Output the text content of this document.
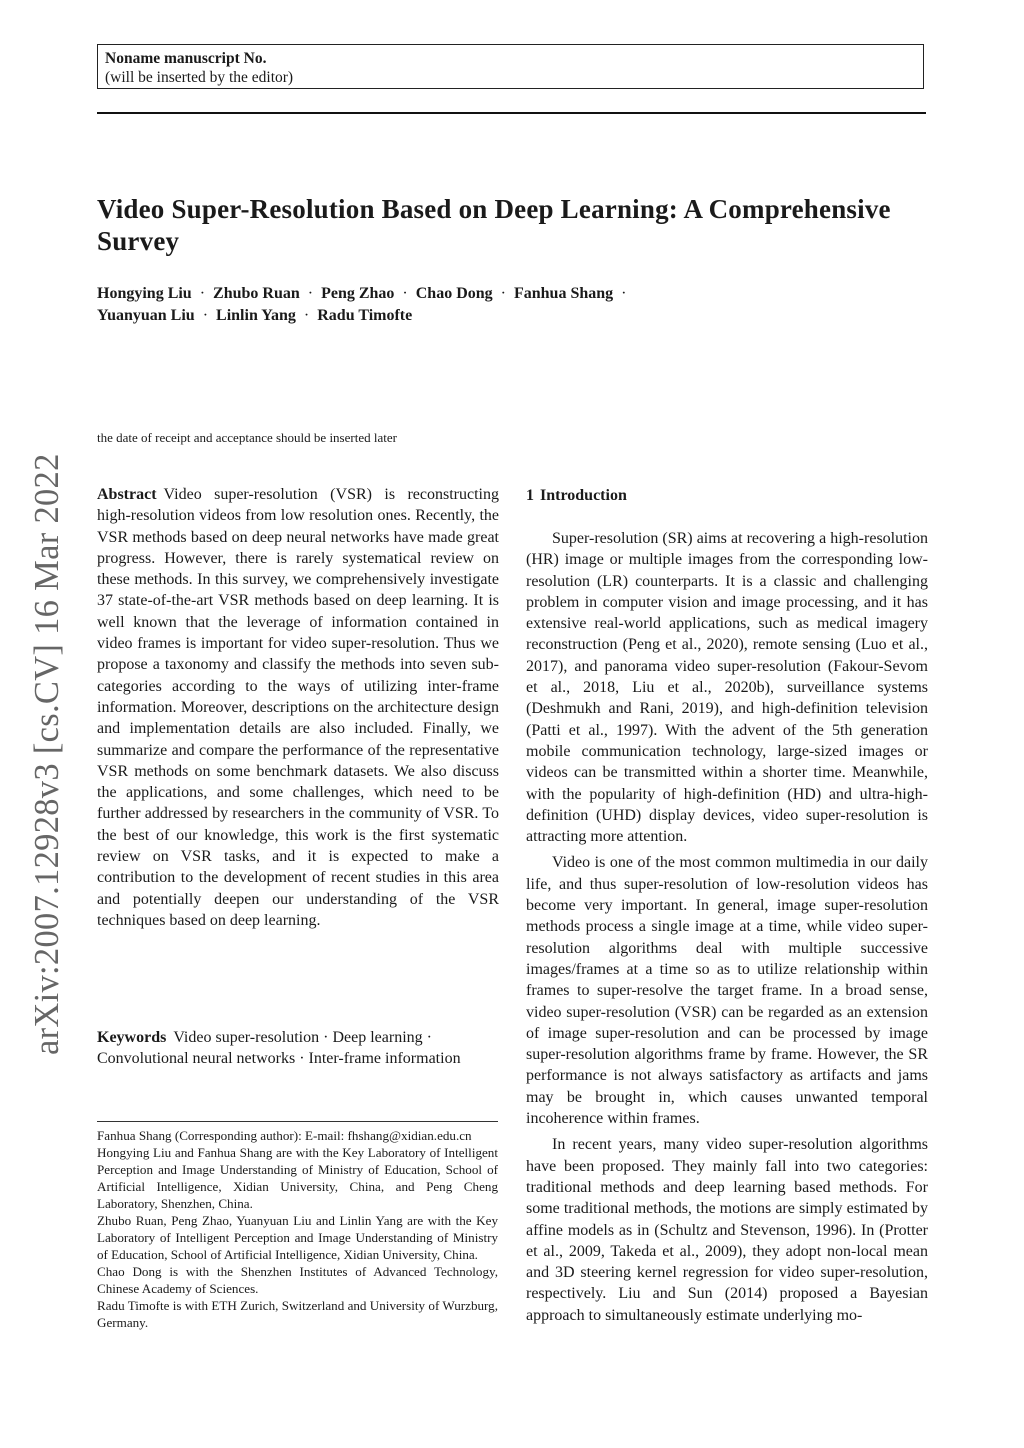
Noname manuscript No.
(will be inserted by the editor)
Video Super-Resolution Based on Deep Learning: A Comprehensive Survey
Hongying Liu · Zhubo Ruan · Peng Zhao · Chao Dong · Fanhua Shang ·
Yuanyuan Liu · Linlin Yang · Radu Timofte
the date of receipt and acceptance should be inserted later
arXiv:2007.12928v3 [cs.CV] 16 Mar 2022	Abstract Video super-resolution (VSR) is reconstructing high-resolution videos from low resolution ones. Recently, the VSR methods based on deep neural networks have made great progress. However, there is rarely systematical review on these methods. In this survey, we comprehensively investigate 37 state-of-the-art VSR methods based on deep learning. It is well known that the leverage of information contained in video frames is important for video super-resolution. Thus we propose a taxonomy and classify the methods into seven sub-categories according to the ways of utilizing inter-frame information. Moreover, descriptions on the architecture design and implementation details are also included. Finally, we summarize and compare the performance of the representative VSR methods on some benchmark datasets. We also discuss the applications, and some challenges, which need to be further addressed by researchers in the community of VSR. To the best of our knowledge, this work is the first systematic review on VSR tasks, and it is expected to make a contribution to the development of recent studies in this area and potentially deepen our understanding of the VSR techniques based on deep learning.
Keywords Video super-resolution · Deep learning · Convolutional neural networks · Inter-frame information

Fanhua Shang (Corresponding author): E-mail: fhshang@xidian.edu.cn

Hongying Liu and Fanhua Shang are with the Key Laboratory of Intelligent Perception and Image Understanding of Ministry of Education, School of Artificial Intelligence, Xidian University, China, and Peng Cheng Laboratory, Shenzhen, China.

Zhubo Ruan, Peng Zhao, Yuanyuan Liu and Linlin Yang are with the Key Laboratory of Intelligent Perception and Image Understanding of Ministry of Education, School of Artificial Intelligence, Xidian University, China.

Chao Dong is with the Shenzhen Institutes of Advanced Technology, Chinese Academy of Sciences.

Radu Timofte is with ETH Zurich, Switzerland and University of Wurzburg, Germany.

1 Introduction

Super-resolution (SR) aims at recovering a high-resolution (HR) image or multiple images from the corresponding low-resolution (LR) counterparts. It is a classic and challenging problem in computer vision and image processing, and it has extensive real-world applications, such as medical imagery reconstruction (Peng et al., 2020), remote sensing (Luo et al., 2017), and panorama video super-resolution (Fakour-Sevom et al., 2018, Liu et al., 2020b), surveillance systems (Deshmukh and Rani, 2019), and high-definition television (Patti et al., 1997). With the advent of the 5th generation mobile communication technology, large-sized images or videos can be transmitted within a shorter time. Meanwhile, with the popularity of high-definition (HD) and ultra-high-definition (UHD) display devices, video super-resolution is attracting more attention.

Video is one of the most common multimedia in our daily life, and thus super-resolution of low-resolution videos has become very important. In general, image super-resolution methods process a single image at a time, while video super-resolution algorithms deal with multiple successive images/frames at a time so as to utilize relationship within frames to super-resolve the target frame. In a broad sense, video super-resolution (VSR) can be regarded as an extension of image super-resolution and can be processed by image super-resolution algorithms frame by frame. However, the SR performance is not always satisfactory as artifacts and jams may be brought in, which causes unwanted temporal incoherence within frames.

In recent years, many video super-resolution algorithms have been proposed. They mainly fall into two categories: traditional methods and deep learning based methods. For some traditional methods, the motions are simply estimated by affine models as in (Schultz and Stevenson, 1996). In (Protter et al., 2009, Takeda et al., 2009), they adopt non-local mean and 3D steering kernel regression for video super-resolution, respectively. Liu and Sun (2014) proposed a Bayesian approach to simultaneously estimate underlying mo-
